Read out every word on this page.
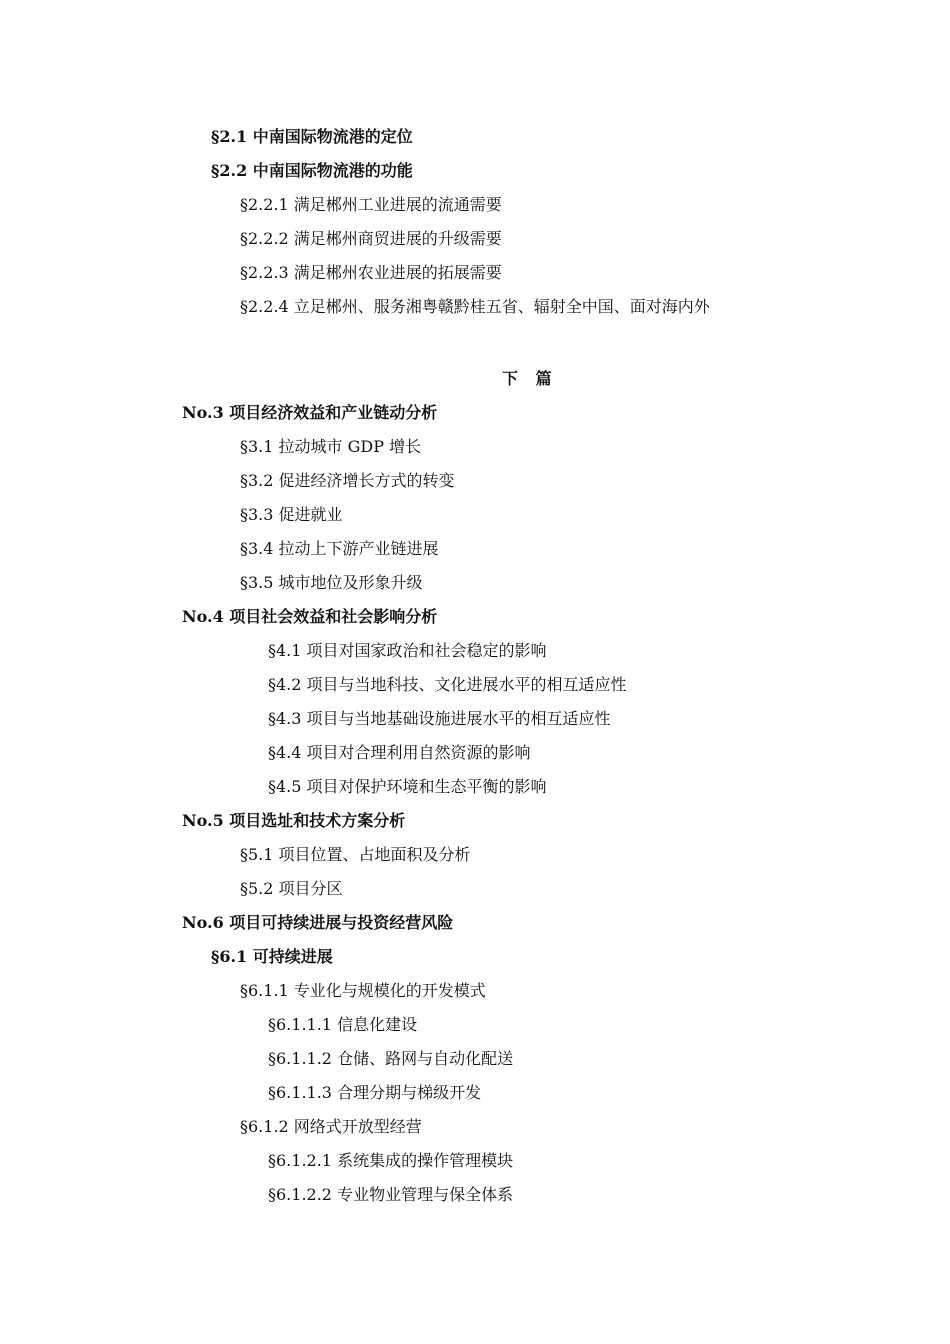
§2.1 中南国际物流港的定位
§2.2 中南国际物流港的功能
§2.2.1 满足郴州工业进展的流通需要
§2.2.2 满足郴州商贸进展的升级需要
§2.2.3 满足郴州农业进展的拓展需要
§2.2.4 立足郴州、服务湘粤赣黔桂五省、辐射全中国、面对海内外
下 篇
No.3 项目经济效益和产业链动分析
§3.1 拉动城市 GDP 增长
§3.2 促进经济增长方式的转变
§3.3 促进就业
§3.4 拉动上下游产业链进展
§3.5 城市地位及形象升级
No.4 项目社会效益和社会影响分析
§4.1 项目对国家政治和社会稳定的影响
§4.2 项目与当地科技、文化进展水平的相互适应性
§4.3 项目与当地基础设施进展水平的相互适应性
§4.4 项目对合理利用自然资源的影响
§4.5 项目对保护环境和生态平衡的影响
No.5 项目选址和技术方案分析
§5.1 项目位置、占地面积及分析
§5.2 项目分区
No.6 项目可持续进展与投资经营风险
§6.1 可持续进展
§6.1.1 专业化与规模化的开发模式
§6.1.1.1 信息化建设
§6.1.1.2 仓储、路网与自动化配送
§6.1.1.3 合理分期与梯级开发
§6.1.2 网络式开放型经营
§6.1.2.1 系统集成的操作管理模块
§6.1.2.2 专业物业管理与保全体系
